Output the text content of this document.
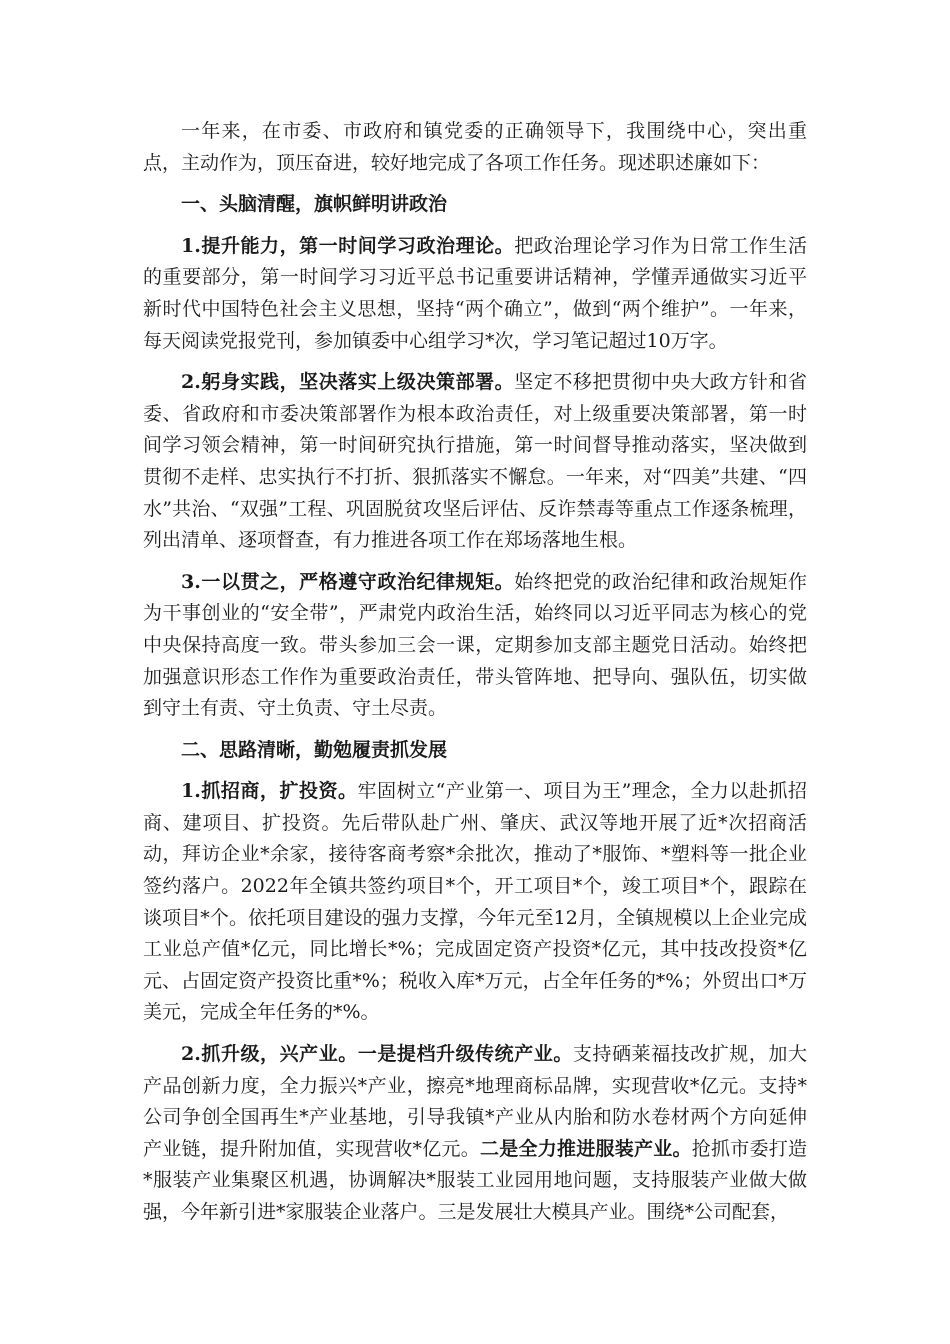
一年来，在市委、市政府和镇党委的正确领导下，我围绕中心，突出重点，主动作为，顶压奋进，较好地完成了各项工作任务。现述职述廉如下：

一、头脑清醒，旗帜鲜明讲政治

1.提升能力，第一时间学习政治理论。把政治理论学习作为日常工作生活的重要部分，第一时间学习习近平总书记重要讲话精神，学懂弄通做实习近平新时代中国特色社会主义思想，坚持“两个确立”，做到“两个维护”。一年来，每天阅读党报党刊，参加镇委中心组学习*次，学习笔记超过10万字。

2.躬身实践，坚决落实上级决策部署。坚定不移把贯彻中央大政方针和省委、省政府和市委决策部署作为根本政治责任，对上级重要决策部署，第一时间学习领会精神，第一时间研究执行措施，第一时间督导推动落实，坚决做到贯彻不走样、忠实执行不打折、狠抓落实不懈怠。一年来，对“四美”共建、“四水”共治、“双强”工程、巩固脱贫攻坚后评估、反诈禁毒等重点工作逐条梳理，列出清单、逐项督查，有力推进各项工作在郑场落地生根。

3.一以贯之，严格遵守政治纪律规矩。始终把党的政治纪律和政治规矩作为干事创业的“安全带”，严肃党内政治生活，始终同以习近平同志为核心的党中央保持高度一致。带头参加三会一课，定期参加支部主题党日活动。始终把加强意识形态工作作为重要政治责任，带头管阵地、把导向、强队伍，切实做到守土有责、守土负责、守土尽责。

二、思路清晰，勤勉履责抓发展

1.抓招商，扩投资。牢固树立“产业第一、项目为王”理念，全力以赴抓招商、建项目、扩投资。先后带队赴广州、肇庆、武汉等地开展了近*次招商活动，拜访企业*余家，接待客商考察*余批次，推动了*服饰、*塑料等一批企业签约落户。2022年全镇共签约项目*个，开工项目*个，竣工项目*个，跟踪在谈项目*个。依托项目建设的强力支撑，今年元至12月，全镇规模以上企业完成工业总产值*亿元，同比增长*%；完成固定资产投资*亿元，其中技改投资*亿元、占固定资产投资比重*%；税收入库*万元，占全年任务的*%；外贸出口*万美元，完成全年任务的*%。

2.抓升级，兴产业。一是提档升级传统产业。支持硒莱福技改扩规，加大产品创新力度，全力振兴*产业，擦亮*地理商标品牌，实现营收*亿元。支持*公司争创全国再生*产业基地，引导我镇*产业从内胎和防水卷材两个方向延伸产业链，提升附加值，实现营收*亿元。二是全力推进服装产业。抢抓市委打造*服装产业集聚区机遇，协调解决*服装工业园用地问题，支持服装产业做大做强，今年新引进*家服装企业落户。三是发展壮大模具产业。围绕*公司配套，
